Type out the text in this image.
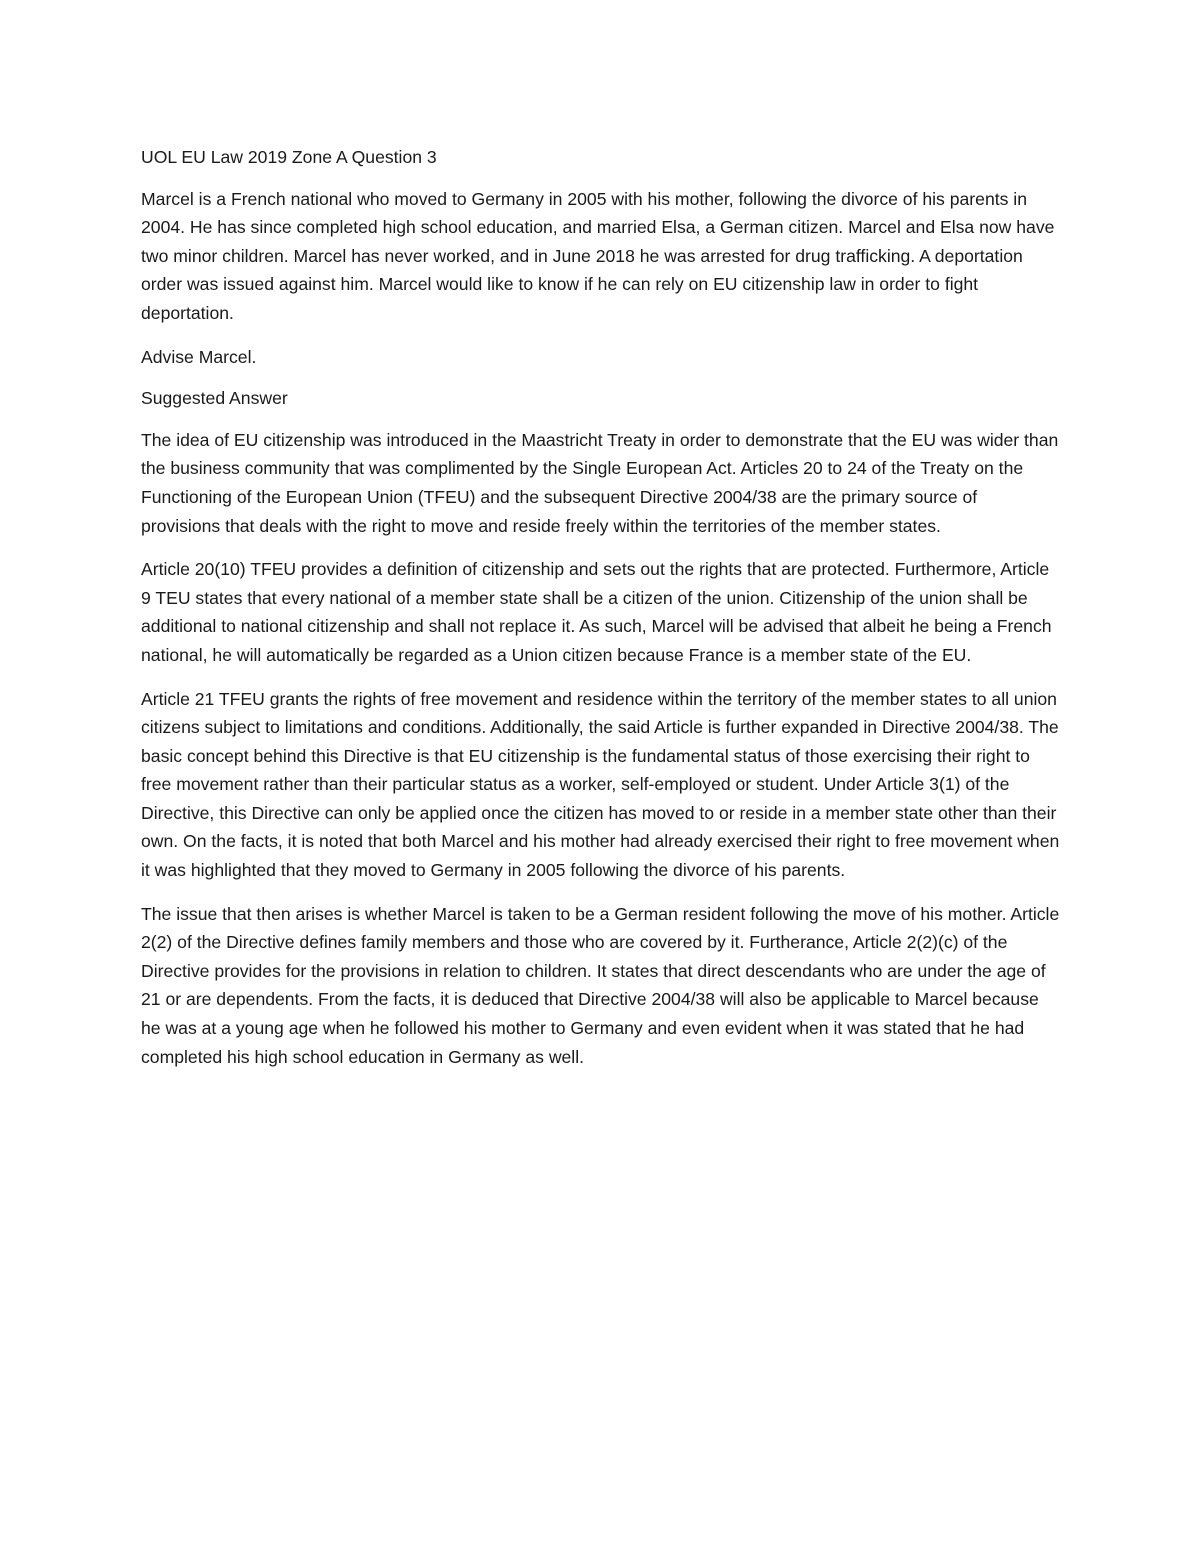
UOL EU Law 2019 Zone A Question 3

Marcel is a French national who moved to Germany in 2005 with his mother, following the divorce of his parents in 2004. He has since completed high school education, and married Elsa, a German citizen. Marcel and Elsa now have two minor children. Marcel has never worked, and in June 2018 he was arrested for drug trafficking. A deportation order was issued against him. Marcel would like to know if he can rely on EU citizenship law in order to fight deportation.

Advise Marcel.

Suggested Answer

The idea of EU citizenship was introduced in the Maastricht Treaty in order to demonstrate that the EU was wider than the business community that was complimented by the Single European Act. Articles 20 to 24 of the Treaty on the Functioning of the European Union (TFEU) and the subsequent Directive 2004/38 are the primary source of provisions that deals with the right to move and reside freely within the territories of the member states.

Article 20(10) TFEU provides a definition of citizenship and sets out the rights that are protected. Furthermore, Article 9 TEU states that every national of a member state shall be a citizen of the union. Citizenship of the union shall be additional to national citizenship and shall not replace it. As such, Marcel will be advised that albeit he being a French national, he will automatically be regarded as a Union citizen because France is a member state of the EU.

Article 21 TFEU grants the rights of free movement and residence within the territory of the member states to all union citizens subject to limitations and conditions. Additionally, the said Article is further expanded in Directive 2004/38. The basic concept behind this Directive is that EU citizenship is the fundamental status of those exercising their right to free movement rather than their particular status as a worker, self-employed or student. Under Article 3(1) of the Directive, this Directive can only be applied once the citizen has moved to or reside in a member state other than their own. On the facts, it is noted that both Marcel and his mother had already exercised their right to free movement when it was highlighted that they moved to Germany in 2005 following the divorce of his parents.

The issue that then arises is whether Marcel is taken to be a German resident following the move of his mother. Article 2(2) of the Directive defines family members and those who are covered by it. Furtherance, Article 2(2)(c) of the Directive provides for the provisions in relation to children. It states that direct descendants who are under the age of 21 or are dependents. From the facts, it is deduced that Directive 2004/38 will also be applicable to Marcel because he was at a young age when he followed his mother to Germany and even evident when it was stated that he had completed his high school education in Germany as well.
